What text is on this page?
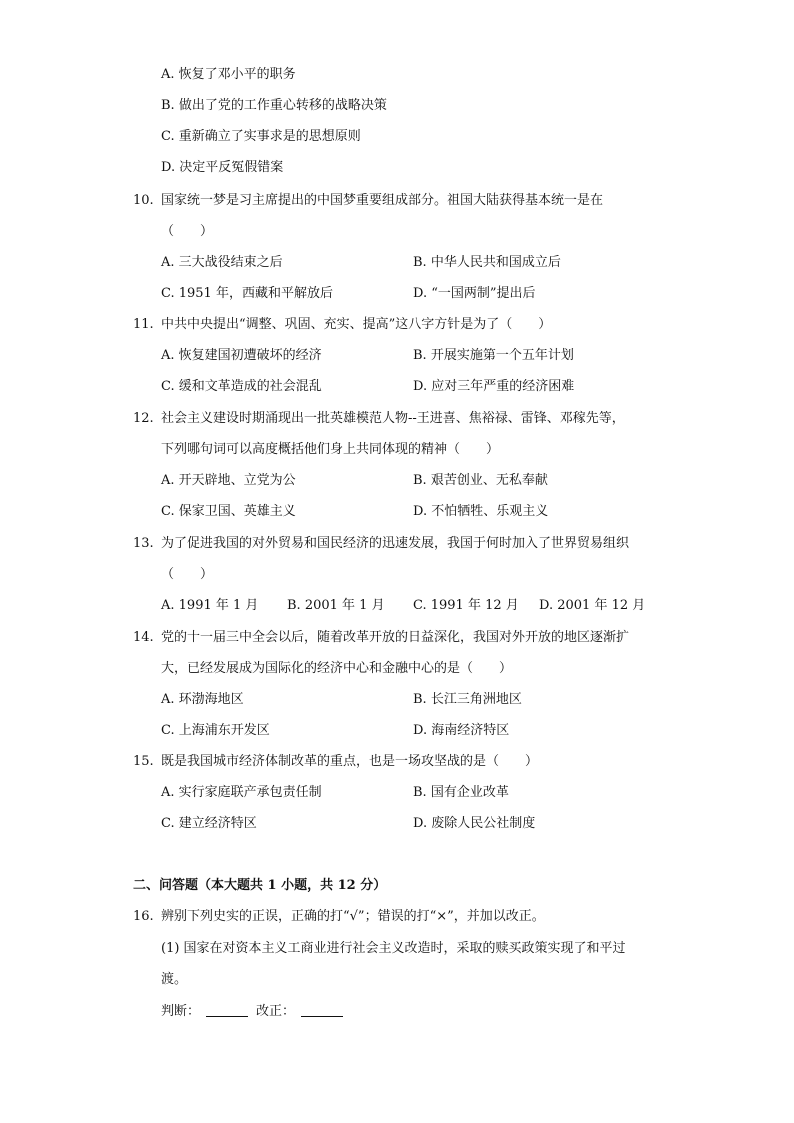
A. 恢复了邓小平的职务
B. 做出了党的工作重心转移的战略决策
C. 重新确立了实事求是的思想原则
D. 决定平反冤假错案
10. 国家统一梦是习主席提出的中国梦重要组成部分。祖国大陆获得基本统一是在
（　　）
A. 三大战役结束之后	B. 中华人民共和国成立后
C. 1951 年，西藏和平解放后	D. “一国两制”提出后
11. 中共中央提出“调整、巩固、充实、提高”这八字方针是为了（　　）
A. 恢复建国初遭破坏的经济	B. 开展实施第一个五年计划
C. 缓和文革造成的社会混乱	D. 应对三年严重的经济困难
12. 社会主义建设时期涌现出一批英雄模范人物--王进喜、焦裕禄、雷锋、邓稼先等，
下列哪句词可以高度概括他们身上共同体现的精神（　　）
A. 开天辟地、立党为公	B. 艰苦创业、无私奉献
C. 保家卫国、英雄主义	D. 不怕牺牲、乐观主义
13. 为了促进我国的对外贸易和国民经济的迅速发展，我国于何时加入了世界贸易组织
（　　）
A. 1991 年 1 月 B. 2001 年 1 月 C. 1991 年 12 月 D. 2001 年 12 月
14. 党的十一届三中全会以后，随着改革开放的日益深化，我国对外开放的地区逐渐扩
大，已经发展成为国际化的经济中心和金融中心的是（　　）
A. 环渤海地区	B. 长江三角洲地区
C. 上海浦东开发区	D. 海南经济特区
15. 既是我国城市经济体制改革的重点，也是一场攻坚战的是（　　）
A. 实行家庭联产承包责任制	B. 国有企业改革
C. 建立经济特区	D. 废除人民公社制度
二、问答题（本大题共 1 小题，共 12 分）
16. 辨别下列史实的正误，正确的打“√”；错误的打“×”，并加以改正。
(1) 国家在对资本主义工商业进行社会主义改造时，采取的赎买政策实现了和平过
渡。
判断：	改正：
